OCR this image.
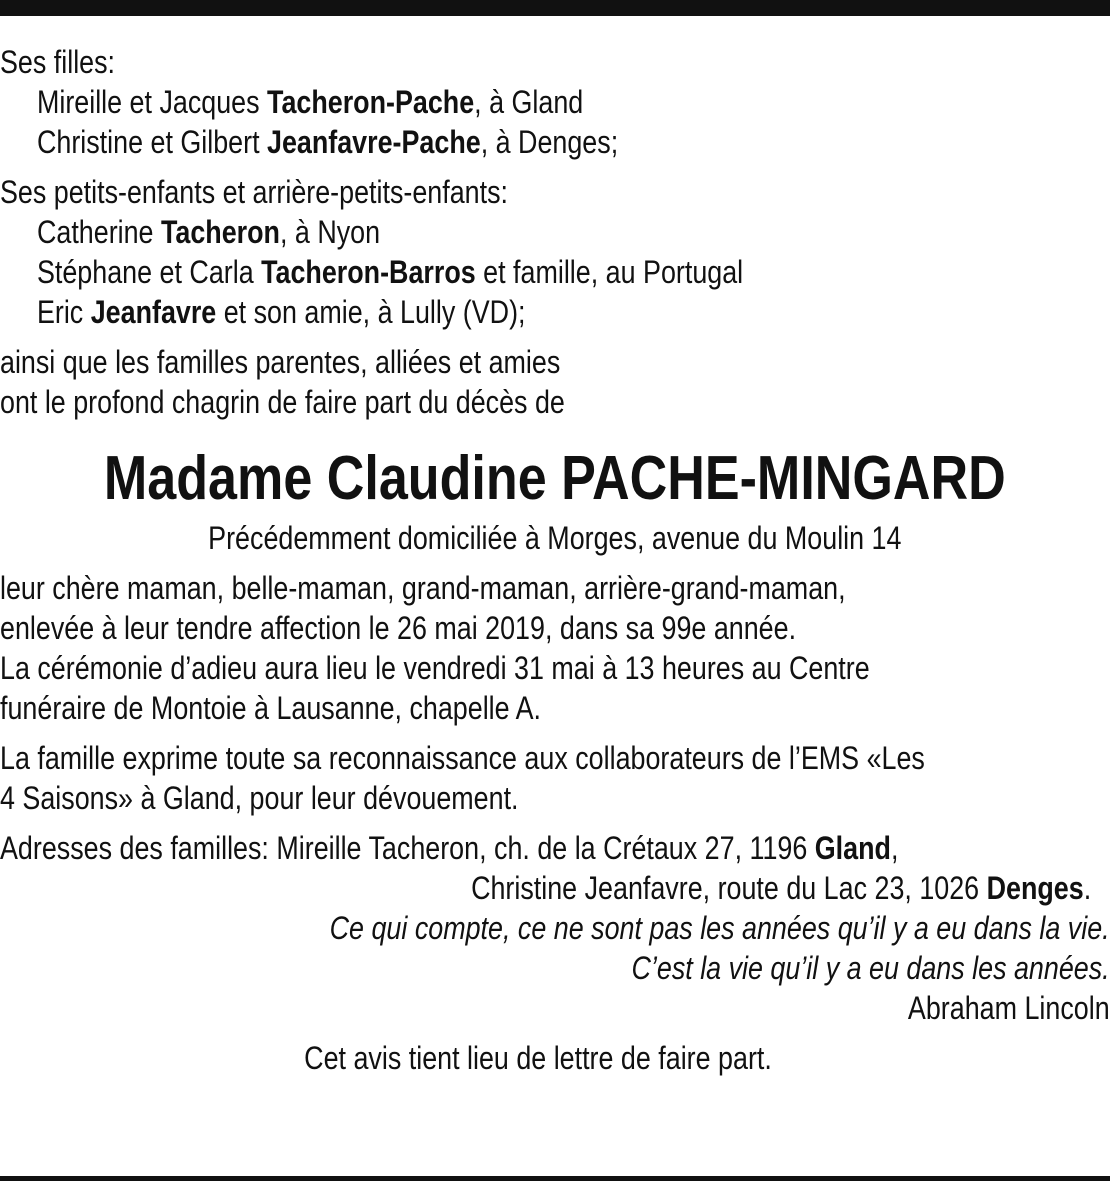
Ses filles:
Mireille et Jacques Tacheron-Pache, à Gland
Christine et Gilbert Jeanfavre-Pache, à Denges;
Ses petits-enfants et arrière-petits-enfants:
Catherine Tacheron, à Nyon
Stéphane et Carla Tacheron-Barros et famille, au Portugal
Eric Jeanfavre et son amie, à Lully (VD);
ainsi que les familles parentes, alliées et amies
ont le profond chagrin de faire part du décès de
Madame Claudine PACHE-MINGARD
Précédemment domiciliée à Morges, avenue du Moulin 14
leur chère maman, belle-maman, grand-maman, arrière-grand-maman,
enlevée à leur tendre affection le 26 mai 2019, dans sa 99e année.
La cérémonie d’adieu aura lieu le vendredi 31 mai à 13 heures au Centre
funéraire de Montoie à Lausanne, chapelle A.
La famille exprime toute sa reconnaissance aux collaborateurs de l’EMS «Les
4 Saisons» à Gland, pour leur dévouement.
Adresses des familles: Mireille Tacheron, ch. de la Crétaux 27, 1196 Gland,
Christine Jeanfavre, route du Lac 23, 1026 Denges.
Ce qui compte, ce ne sont pas les années qu’il y a eu dans la vie.
C’est la vie qu’il y a eu dans les années.
Abraham Lincoln
Cet avis tient lieu de lettre de faire part.
